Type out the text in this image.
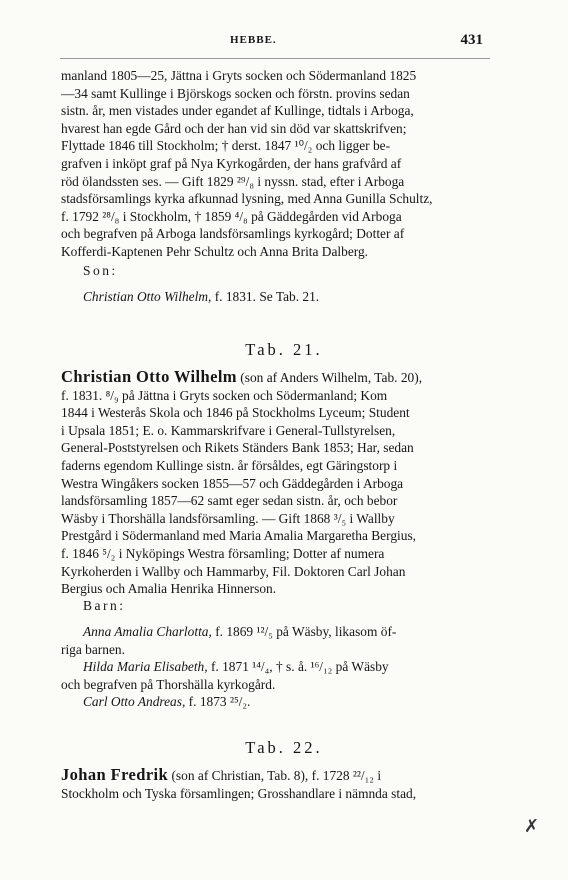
HEBBE.	431
manland 1805—25, Jättna i Gryts socken och Södermanland 1825
—34 samt Kullinge i Björskogs socken och förstn. provins sedan
sistn. år, men vistades under egandet af Kullinge, tidtals i Arboga,
hvarest han egde Gård och der han vid sin död var skattskrifven;
Flyttade 1846 till Stockholm; † derst. 1847 ¹⁰/₂ och ligger be-
grafven i inköpt graf på Nya Kyrkogården, der hans grafvård af
röd ölandssten ses. — Gift 1829 ²⁹/₈ i nyssn. stad, efter i Arboga
stadsförsamlings kyrka afkunnad lysning, med Anna Gunilla Schultz,
f. 1792 ²⁸/₈ i Stockholm, † 1859 ⁴/₈ på Gäddegården vid Arboga
och begrafven på Arboga landsförsamlings kyrkogård; Dotter af
Kofferdi-Kaptenen Pehr Schultz och Anna Brita Dalberg.
Son:
Christian Otto Wilhelm, f. 1831. Se Tab. 21.
Tab. 21.
Christian Otto Wilhelm (son af Anders Wilhelm, Tab. 20),
f. 1831. ⁸/₉ på Jättna i Gryts socken och Södermanland; Kom
1844 i Westerås Skola och 1846 på Stockholms Lyceum; Student
i Upsala 1851; E. o. Kammarskrifvare i General-Tullstyrelsen,
General-Poststyrelsen och Rikets Ständers Bank 1853; Har, sedan
faderns egendom Kullinge sistn. år försåldes, egt Gäringstorp i
Westra Wingåkers socken 1855—57 och Gäddegården i Arboga
landsförsamling 1857—62 samt eger sedan sistn. år, och bebor
Wäsby i Thorshälla landsförsamling. — Gift 1868 ³/₅ i Wallby
Prestgård i Södermanland med Maria Amalia Margaretha Bergius,
f. 1846 ⁵/₂ i Nyköpings Westra församling; Dotter af numera
Kyrkoherden i Wallby och Hammarby, Fil. Doktoren Carl Johan
Bergius och Amalia Henrika Hinnerson.
Barn:
Anna Amalia Charlotta, f. 1869 ¹²/₅ på Wäsby, likasom öf-
riga barnen.
Hilda Maria Elisabeth, f. 1871 ¹⁴/₄, † s. å. ¹⁶/₁₂ på Wäsby
och begrafven på Thorshälla kyrkogård.
Carl Otto Andreas, f. 1873 ²⁵/₂.
Tab. 22.
Johan Fredrik (son af Christian, Tab. 8), f. 1728 ²²/₁₂ i
Stockholm och Tyska församlingen; Grosshandlare i nämnda stad,
✗
